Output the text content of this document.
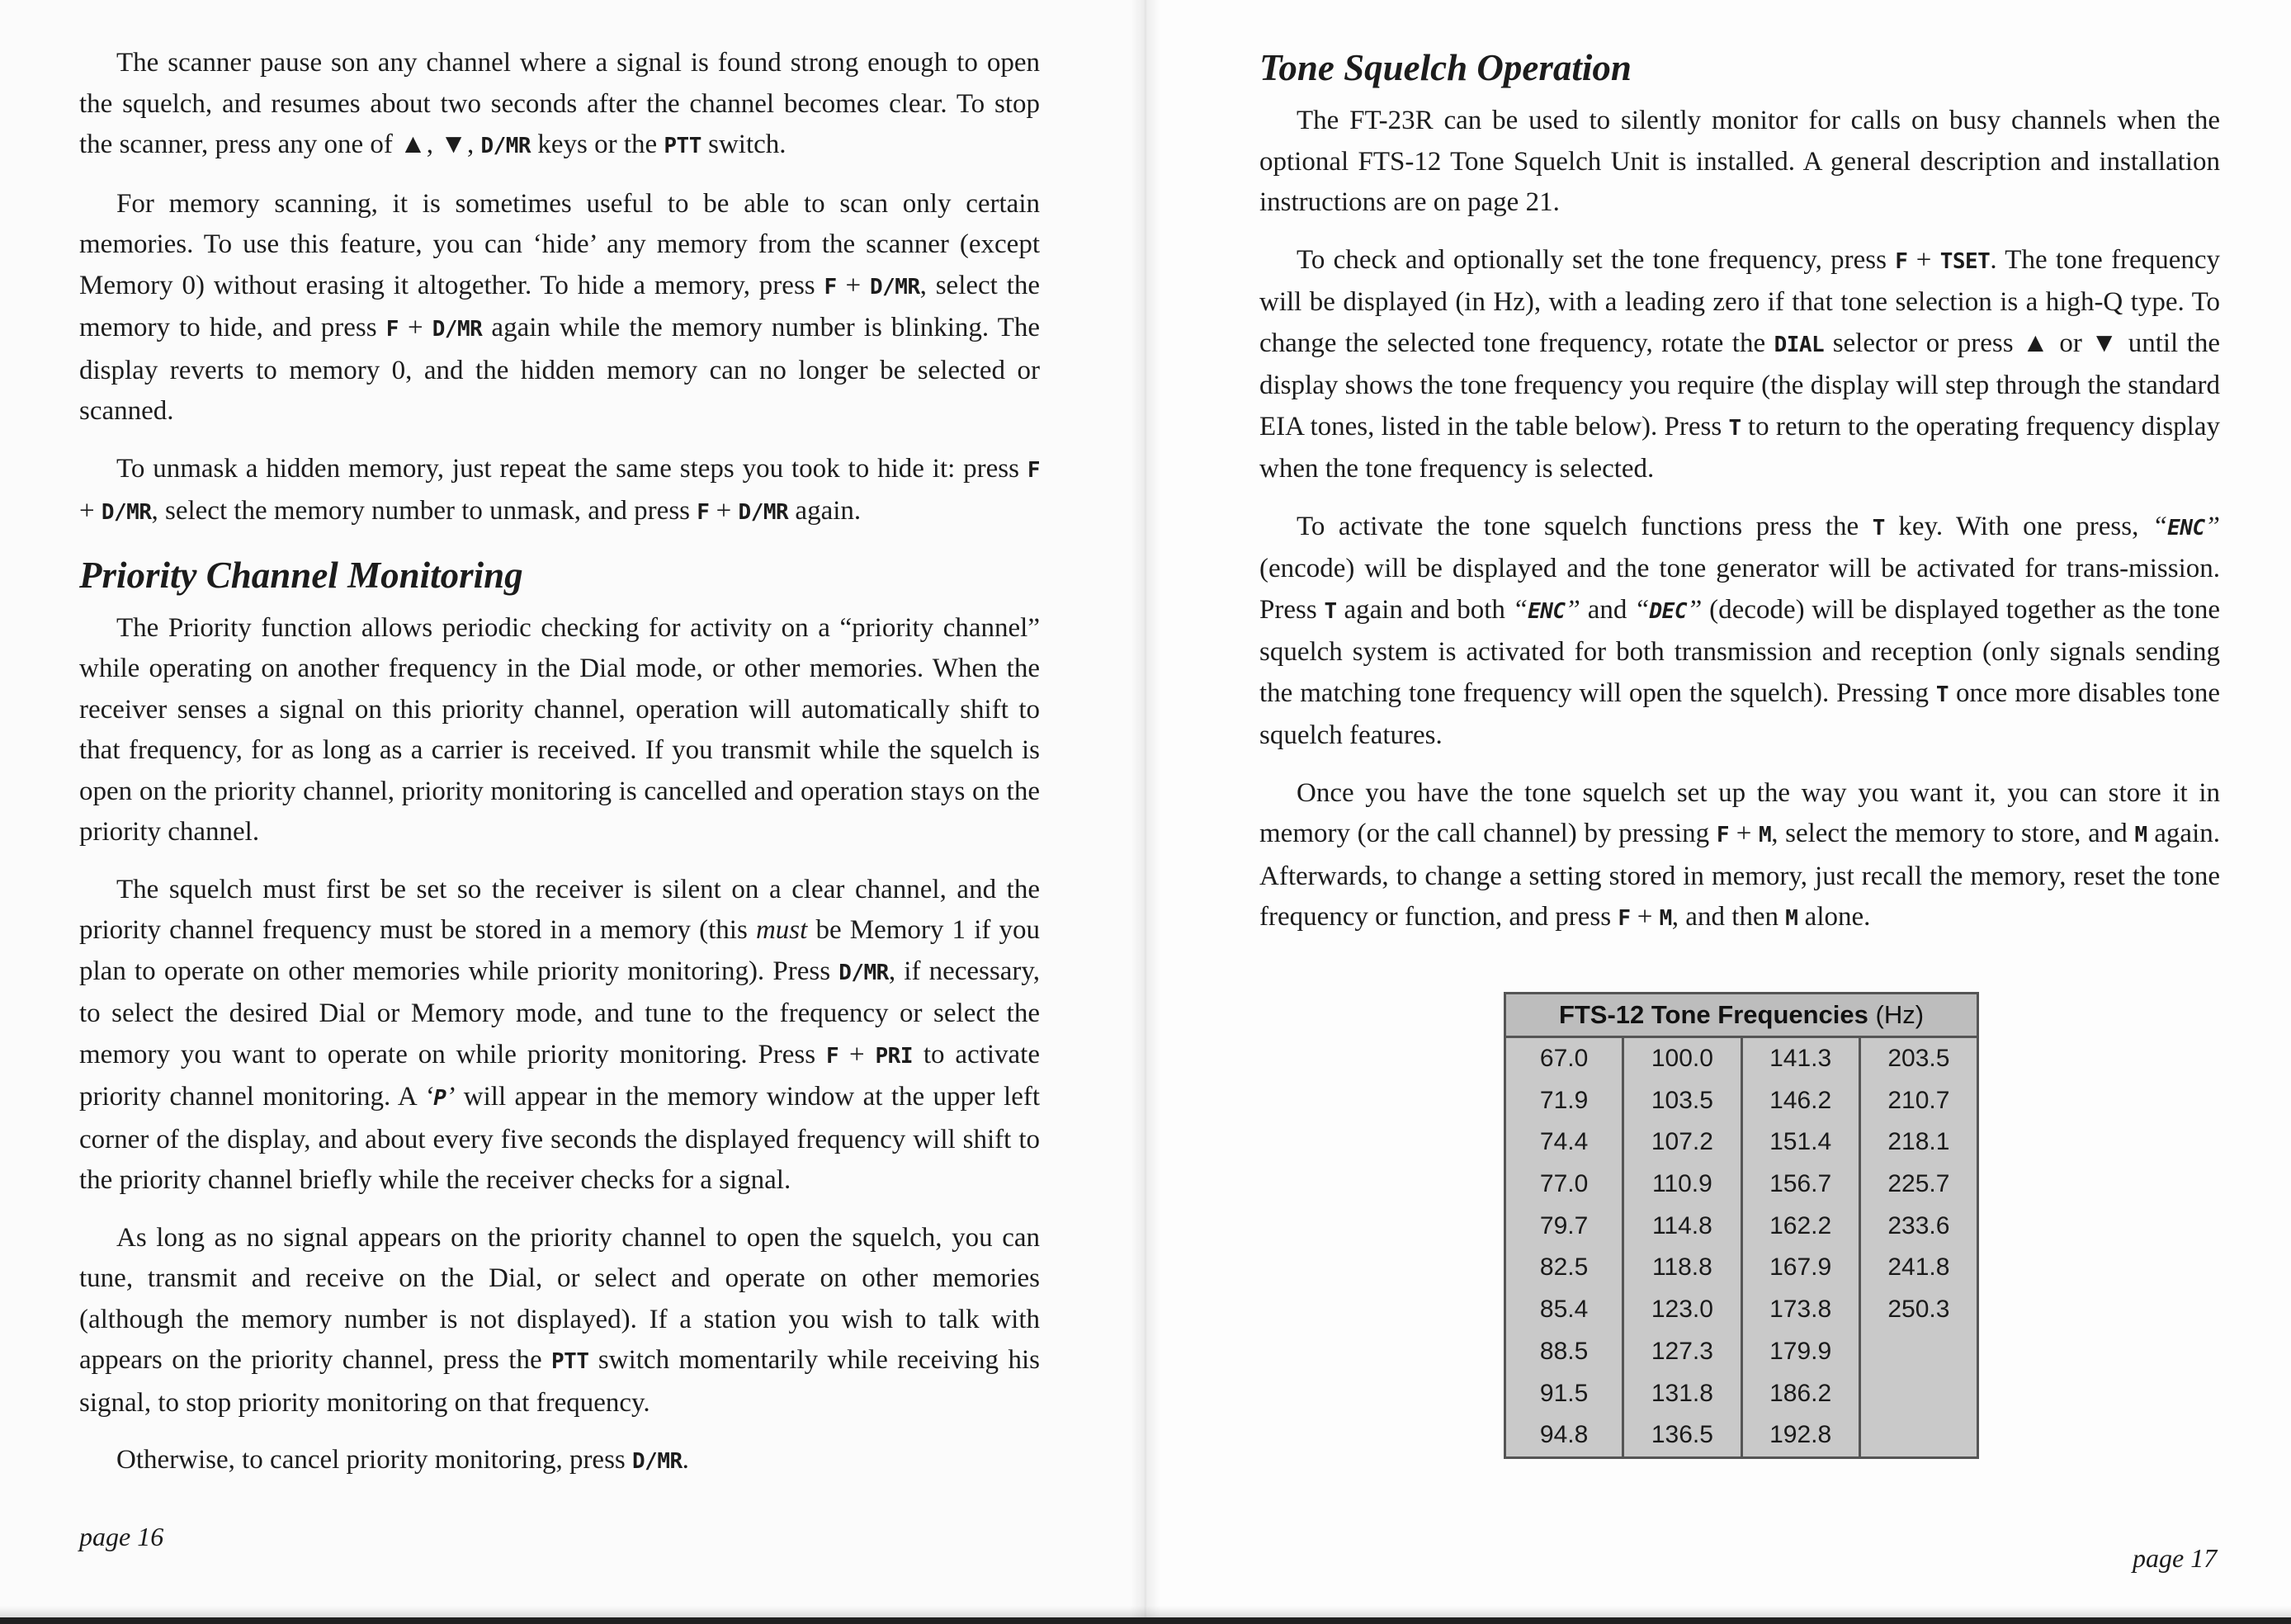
The scanner pause son any channel where a signal is found strong enough to open the squelch, and resumes about two seconds after the channel becomes clear. To stop the scanner, press any one of ▲, ▼, D/MR keys or the PTT switch.

For memory scanning, it is sometimes useful to be able to scan only certain memories. To use this feature, you can ‘hide’ any memory from the scanner (except Memory 0) without erasing it altogether. To hide a memory, press F + D/MR, select the memory to hide, and press F + D/MR again while the memory number is blinking. The display reverts to memory 0, and the hidden memory can no longer be selected or scanned.

To unmask a hidden memory, just repeat the same steps you took to hide it: press F + D/MR, select the memory number to unmask, and press F + D/MR again.

Priority Channel Monitoring

The Priority function allows periodic checking for activity on a “priority channel” while operating on another frequency in the Dial mode, or other memories. When the receiver senses a signal on this priority channel, operation will automatically shift to that frequency, for as long as a carrier is received. If you transmit while the squelch is open on the priority channel, priority monitoring is cancelled and operation stays on the priority channel.

The squelch must first be set so the receiver is silent on a clear channel, and the priority channel frequency must be stored in a memory (this must be Memory 1 if you plan to operate on other memories while priority monitoring). Press D/MR, if necessary, to select the desired Dial or Memory mode, and tune to the frequency or select the memory you want to operate on while priority monitoring. Press F + PRI to activate priority channel monitoring. A ‘P’ will appear in the memory window at the upper left corner of the display, and about every five seconds the displayed frequency will shift to the priority channel briefly while the receiver checks for a signal.

As long as no signal appears on the priority channel to open the squelch, you can tune, transmit and receive on the Dial, or select and operate on other memories (although the memory number is not displayed). If a station you wish to talk with appears on the priority channel, press the PTT switch momentarily while receiving his signal, to stop priority monitoring on that frequency.

Otherwise, to cancel priority monitoring, press D/MR.

page 16
page 17
Tone Squelch Operation

The FT-23R can be used to silently monitor for calls on busy channels when the optional FTS-12 Tone Squelch Unit is installed. A general description and installation instructions are on page 21.

To check and optionally set the tone frequency, press F + TSET. The tone frequency will be displayed (in Hz), with a leading zero if that tone selection is a high-Q type. To change the selected tone frequency, rotate the DIAL selector or press ▲ or ▼ until the display shows the tone frequency you require (the display will step through the standard EIA tones, listed in the table below). Press T to return to the operating frequency display when the tone frequency is selected.

To activate the tone squelch functions press the T key. With one press, “ENC” (encode) will be displayed and the tone generator will be activated for trans-mission. Press T again and both “ENC” and “DEC” (decode) will be displayed together as the tone squelch system is activated for both transmission and reception (only signals sending the matching tone frequency will open the squelch). Pressing T once more disables tone squelch features.

Once you have the tone squelch set up the way you want it, you can store it in memory (or the call channel) by pressing F + M, select the memory to store, and M again. Afterwards, to change a setting stored in memory, just recall the memory, reset the tone frequency or function, and press F + M, and then M alone.

FTS-12 Tone Frequencies (Hz)
67.0
71.9
74.4
77.0
79.7
82.5
85.4
88.5
91.5
94.8
100.0
103.5
107.2
110.9
114.8
118.8
123.0
127.3
131.8
136.5
141.3
146.2
151.4
156.7
162.2
167.9
173.8
179.9
186.2
192.8
203.5
210.7
218.1
225.7
233.6
241.8
250.3
